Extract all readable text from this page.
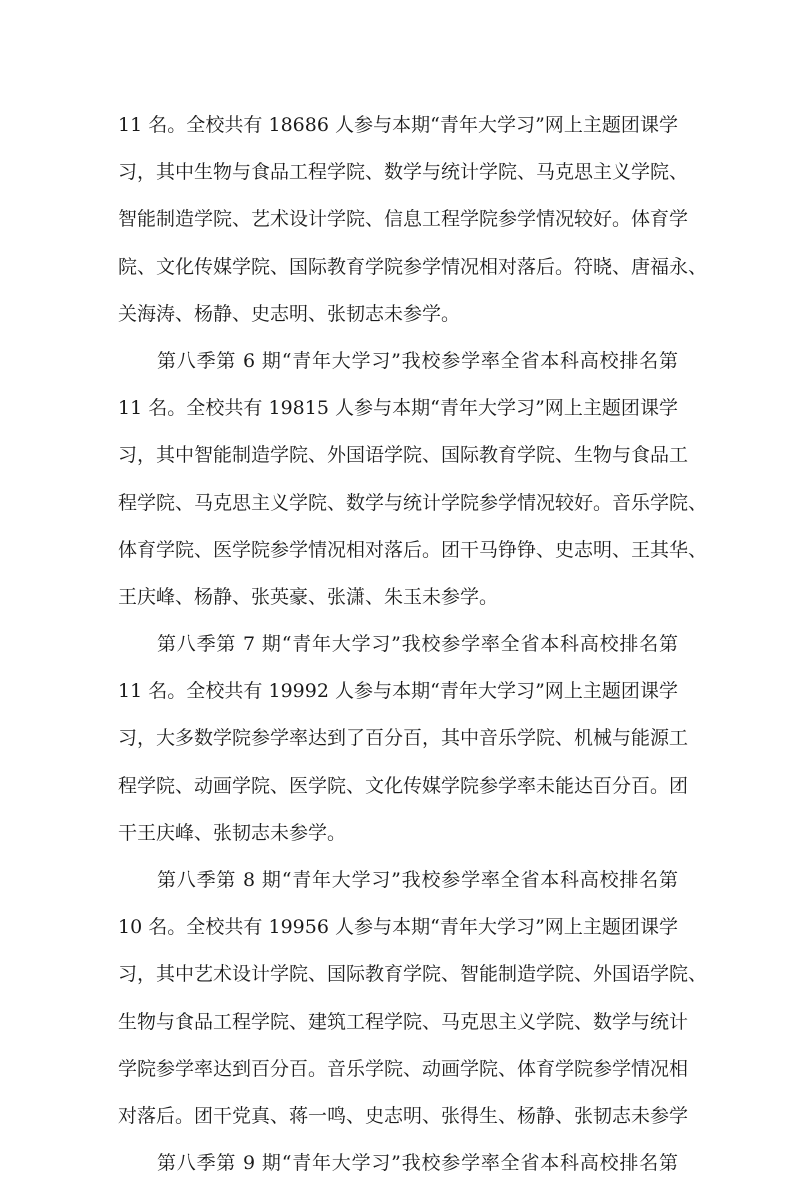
11 名。全校共有 18686 人参与本期“青年大学习”网上主题团课学
习，其中生物与食品工程学院、数学与统计学院、马克思主义学院、
智能制造学院、艺术设计学院、信息工程学院参学情况较好。体育学
院、文化传媒学院、国际教育学院参学情况相对落后。符晓、唐福永、
关海涛、杨静、史志明、张韧志未参学。
第八季第 6 期“青年大学习”我校参学率全省本科高校排名第
11 名。全校共有 19815 人参与本期“青年大学习”网上主题团课学
习，其中智能制造学院、外国语学院、国际教育学院、生物与食品工
程学院、马克思主义学院、数学与统计学院参学情况较好。音乐学院、
体育学院、医学院参学情况相对落后。团干马铮铮、史志明、王其华、
王庆峰、杨静、张英豪、张潇、朱玉未参学。
第八季第 7 期“青年大学习”我校参学率全省本科高校排名第
11 名。全校共有 19992 人参与本期“青年大学习”网上主题团课学
习，大多数学院参学率达到了百分百，其中音乐学院、机械与能源工
程学院、动画学院、医学院、文化传媒学院参学率未能达百分百。团
干王庆峰、张韧志未参学。
第八季第 8 期“青年大学习”我校参学率全省本科高校排名第
10 名。全校共有 19956 人参与本期“青年大学习”网上主题团课学
习，其中艺术设计学院、国际教育学院、智能制造学院、外国语学院、
生物与食品工程学院、建筑工程学院、马克思主义学院、数学与统计
学院参学率达到百分百。音乐学院、动画学院、体育学院参学情况相
对落后。团干党真、蒋一鸣、史志明、张得生、杨静、张韧志未参学
第八季第 9 期“青年大学习”我校参学率全省本科高校排名第
